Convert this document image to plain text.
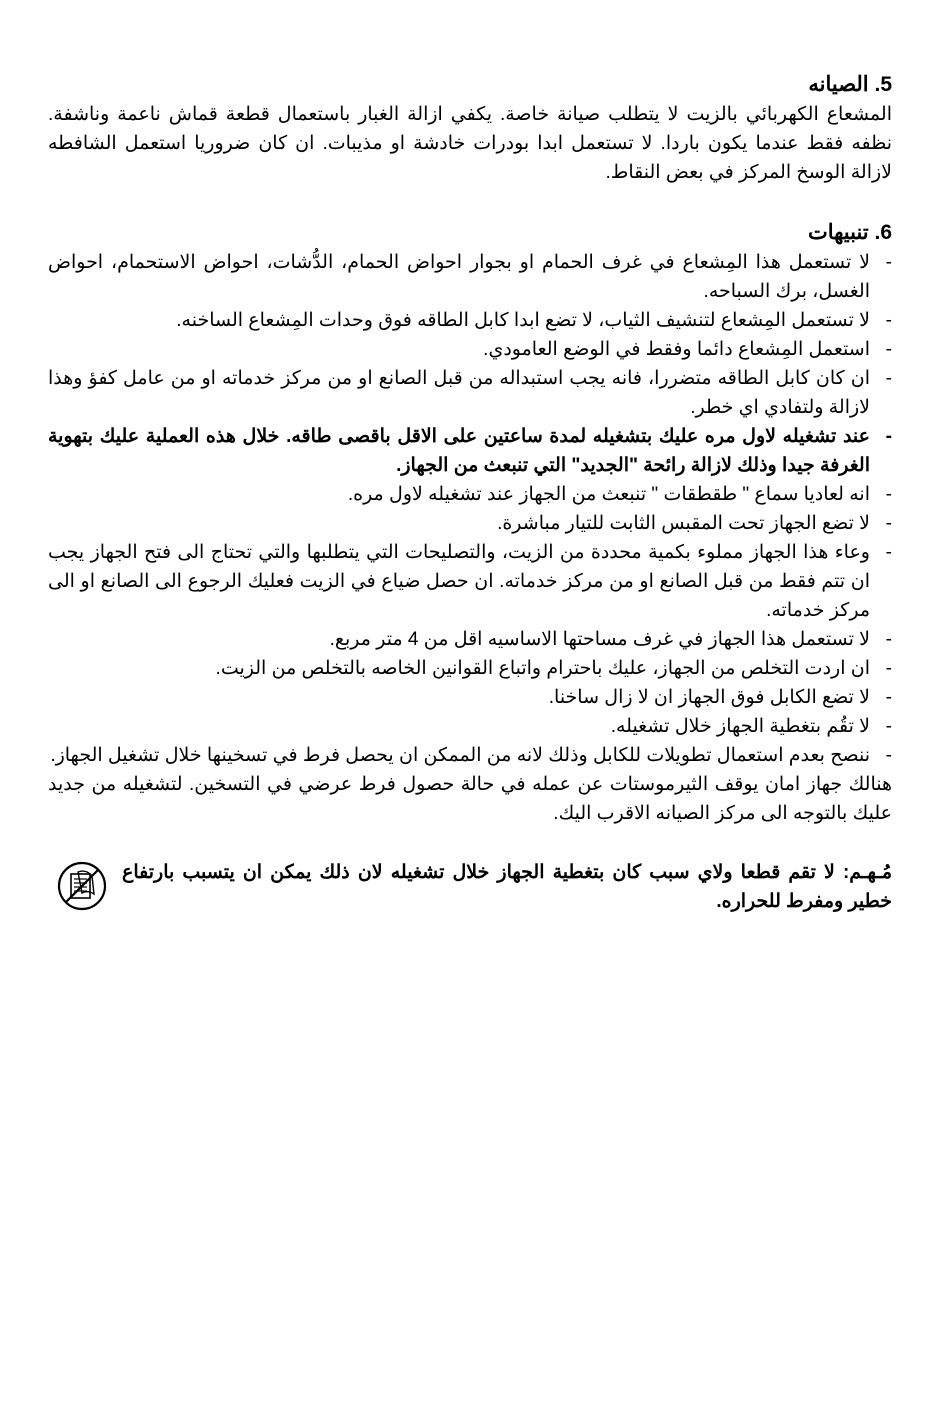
5. الصيانه

المشعاع الكهربائي بالزيت لا يتطلب صيانة خاصة. يكفي ازالة الغبار باستعمال قطعة قماش ناعمة وناشفة. نظفه فقط عندما يكون باردا. لا تستعمل ابدا بودرات خادشة او مذيبات. ان كان ضروريا استعمل الشافطه لازالة الوسخ المركز في بعض النقاط.

6. تنبيهات
-
لا تستعمل هذا المِشعاع في غرف الحمام او بجوار احواض الحمام، الدُّشات، احواض الاستحمام، احواض الغسل، برك السباحه.
-
لا تستعمل المِشعاع لتنشيف الثياب، لا تضع ابدا كابل الطاقه فوق وحدات المِشعاع الساخنه.
-
استعمل المِشعاع دائما وفقط في الوضع العامودي.
-
ان كان كابل الطاقه متضررا، فانه يجب استبداله من قبل الصانع او من مركز خدماته او من عامل كفؤ وهذا لازالة ولتفادي اي خطر.
-
عند تشغيله لاول مره عليك بتشغيله لمدة ساعتين على الاقل باقصى طاقه. خلال هذه العملية عليك بتهوية الغرفة جيدا وذلك لازالة رائحة "الجديد" التي تنبعث من الجهاز.
-
انه لعاديا سماع " طقطقات " تنبعث من الجهاز عند تشغيله لاول مره.
-
لا تضع الجهاز تحت المقبس الثابت للتيار مباشرة.
-
وعاء هذا الجهاز مملوء بكمية محددة من الزيت، والتصليحات التي يتطلبها والتي تحتاج الى فتح الجهاز يجب ان تتم فقط من قبل الصانع او من مركز خدماته. ان حصل ضياع في الزيت فعليك الرجوع الى الصانع او الى مركز خدماته.
-
لا تستعمل هذا الجهاز في غرف مساحتها الاساسيه اقل من 4 متر مربع.
-
ان اردت التخلص من الجهاز، عليك باحترام واتباع القوانين الخاصه بالتخلص من الزيت.
-
لا تضع الكابل فوق الجهاز ان لا زال ساخنا.
-
لا تقُم بتغطية الجهاز خلال تشغيله.
-
ننصح بعدم استعمال تطويلات للكابل وذلك لانه من الممكن ان يحصل فرط في تسخينها خلال تشغيل الجهاز.

هنالك جهاز امان يوقف الثيرموستات عن عمله في حالة حصول فرط عرضي في التسخين. لتشغيله من جديد عليك بالتوجه الى مركز الصيانه الاقرب اليك.

مُـهـم: لا تقم قطعا ولاي سبب كان بتغطية الجهاز خلال تشغيله لان ذلك يمكن ان يتسبب بارتفاع خطير ومفرط للحراره.
